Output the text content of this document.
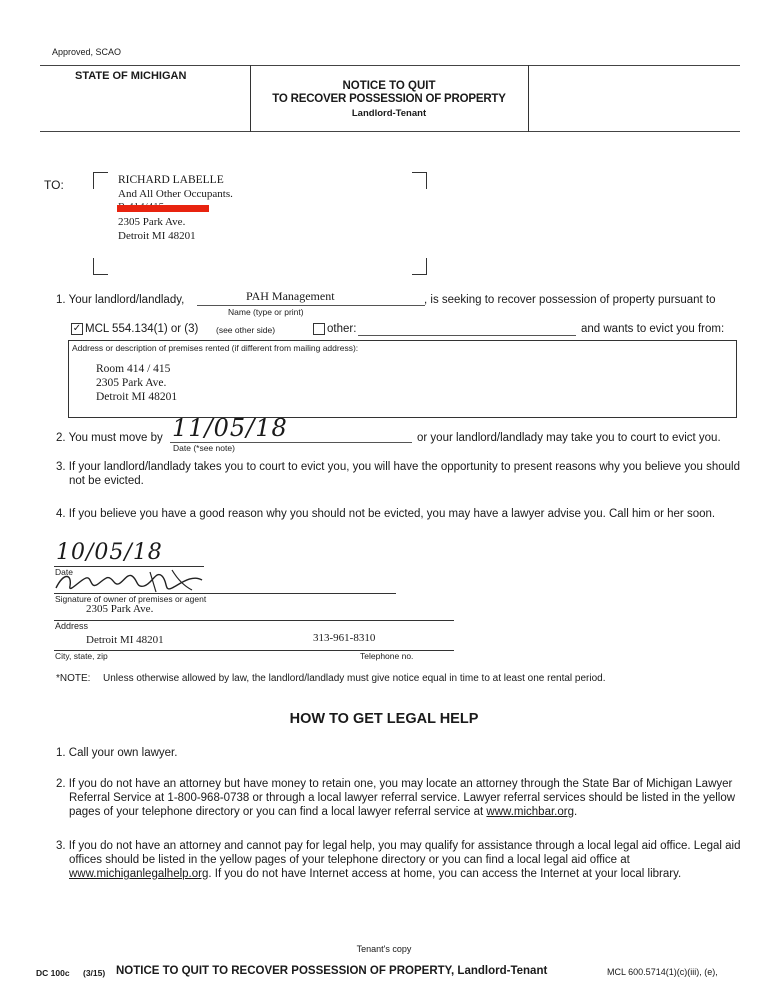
Approved, SCAO
STATE OF MICHIGAN
NOTICE TO QUIT
TO RECOVER POSSESSION OF PROPERTY
Landlord-Tenant
TO:	RICHARD LABELLE
And All Other Occupants.
2305 Park Ave.
Detroit MI 48201
1. Your landlord/landlady,	PAH Management	, is seeking to recover possession of property pursuant to
Name (type or print)
✓ MCL 554.134(1) or (3) (see other side)	other:	and wants to evict you from:
Address or description of premises rented (if different from mailing address):
Room 414 / 415
2305 Park Ave.
Detroit MI 48201
2. You must move by 11/05/18
Date (*see note)
or your landlord/landlady may take you to court to evict you.
3. If your landlord/landlady takes you to court to evict you, you will have the opportunity to present reasons why you believe you should not be evicted.
4. If you believe you have a good reason why you should not be evicted, you may have a lawyer advise you. Call him or her soon.
10/05/18
Date
Signature of owner of premises or agent
2305 Park Ave.
Address
Detroit MI 48201	313-961-8310
City, state, zip	Telephone no.
*NOTE: Unless otherwise allowed by law, the landlord/landlady must give notice equal in time to at least one rental period.
HOW TO GET LEGAL HELP
1. Call your own lawyer.
2. If you do not have an attorney but have money to retain one, you may locate an attorney through the State Bar of Michigan Lawyer Referral Service at 1-800-968-0738 or through a local lawyer referral service. Lawyer referral services should be listed in the yellow pages of your telephone directory or you can find a local lawyer referral service at www.michbar.org.
3. If you do not have an attorney and cannot pay for legal help, you may qualify for assistance through a local legal aid office. Legal aid offices should be listed in the yellow pages of your telephone directory or you can find a local legal aid office at www.michiganlegalhelp.org. If you do not have Internet access at home, you can access the Internet at your local library.
Tenant's copy
DC 100c (3/15) NOTICE TO QUIT TO RECOVER POSSESSION OF PROPERTY, Landlord-Tenant	MCL 600.5714(1)(c)(iii), (e),
